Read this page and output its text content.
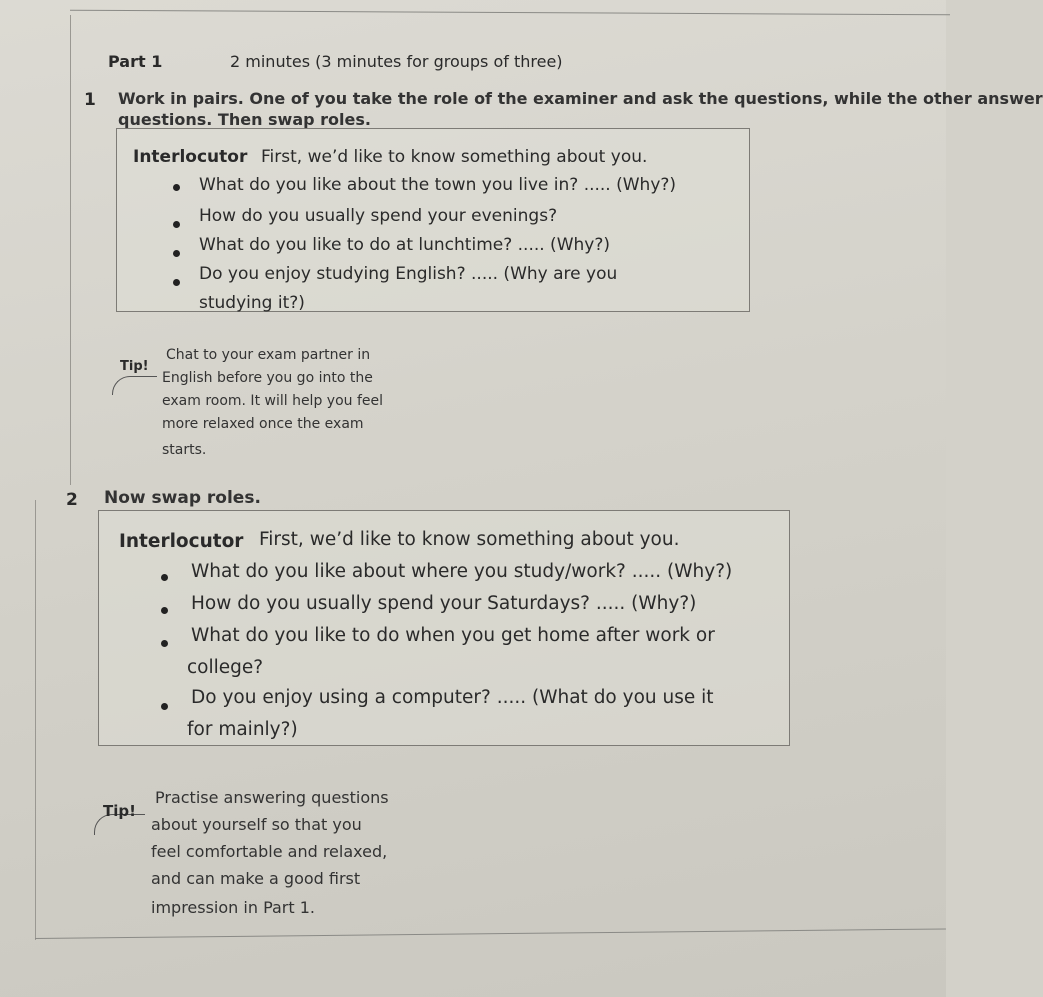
Part 1	2 minutes (3 minutes for groups of three)
1 Work in pairs. One of you take the role of the examiner and ask the questions, while the other answer
questions. Then swap roles.
Interlocutor First, we’d like to know something about you.
What do you like about the town you live in? ..... (Why?)
How do you usually spend your evenings?
What do you like to do at lunchtime? ..... (Why?)
Do you enjoy studying English? ..... (Why are you
studying it?)
Tip!
Chat to your exam partner in
English before you go into the
exam room. It will help you feel
more relaxed once the exam
starts.
2 Now swap roles.
Interlocutor First, we’d like to know something about you.
What do you like about where you study/work? ..... (Why?)
How do you usually spend your Saturdays? ..... (Why?)
What do you like to do when you get home after work or
college?
Do you enjoy using a computer? ..... (What do you use it
for mainly?)
Tip!
Practise answering questions
about yourself so that you
feel comfortable and relaxed,
and can make a good first
impression in Part 1.
